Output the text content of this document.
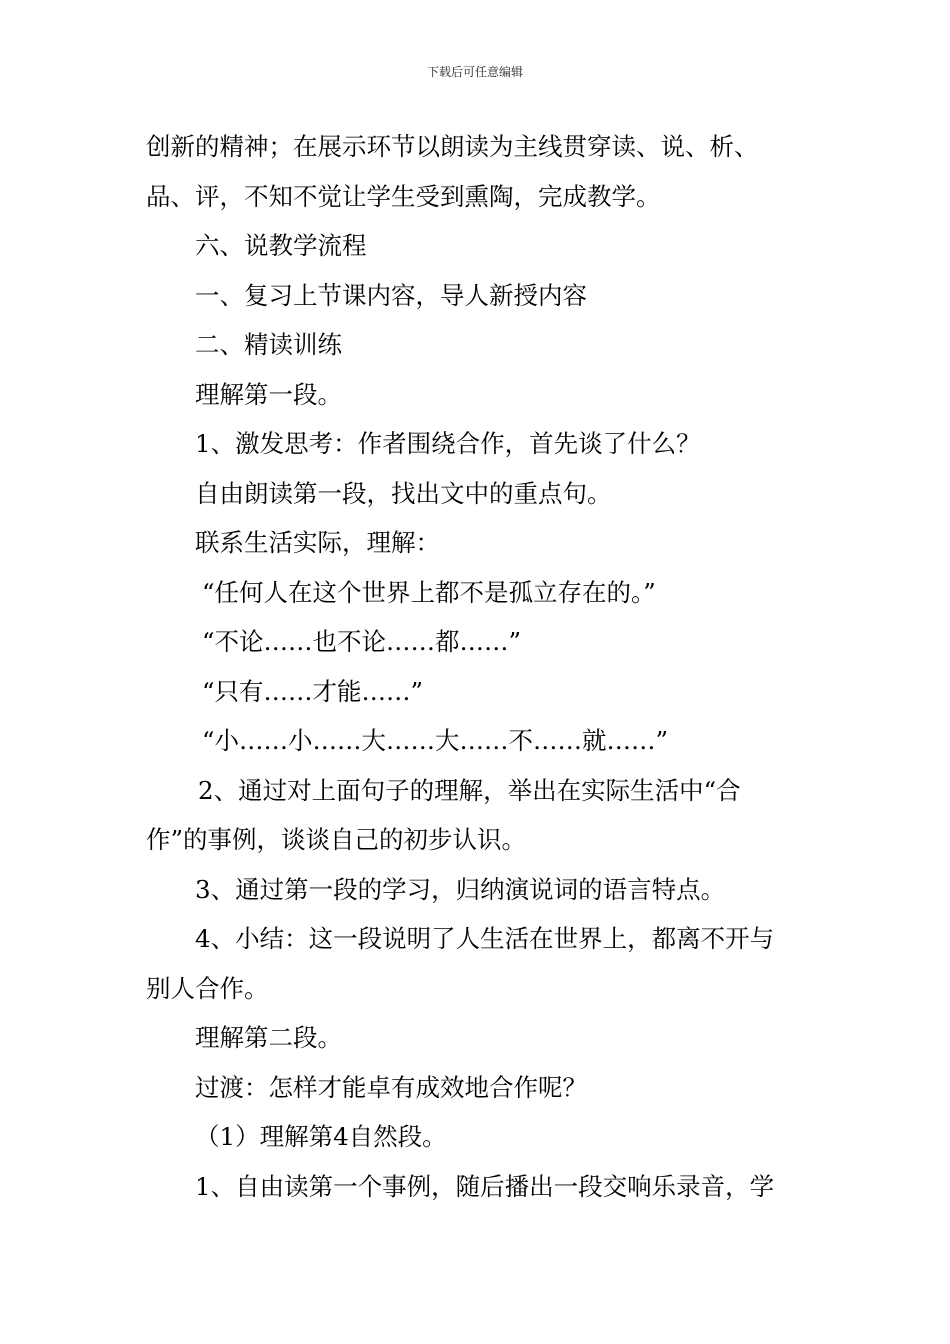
下载后可任意编辑
创新的精神；在展示环节以朗读为主线贯穿读、说、析、
品、评，不知不觉让学生受到熏陶，完成教学。
六、说教学流程
一、复习上节课内容，导人新授内容
二、精读训练
理解第一段。
1、激发思考：作者围绕合作，首先谈了什么？
自由朗读第一段，找出文中的重点句。
联系生活实际，理解：
“任何人在这个世界上都不是孤立存在的。”
“不论……也不论……都……”
“只有……才能……”
“小……小……大……大……不……就……”
2、通过对上面句子的理解，举出在实际生活中“合
作”的事例，谈谈自己的初步认识。
3、通过第一段的学习，归纳演说词的语言特点。
4、小结：这一段说明了人生活在世界上，都离不开与
别人合作。
理解第二段。
过渡：怎样才能卓有成效地合作呢？
（1）理解第4自然段。
1、自由读第一个事例，随后播出一段交响乐录音，学
